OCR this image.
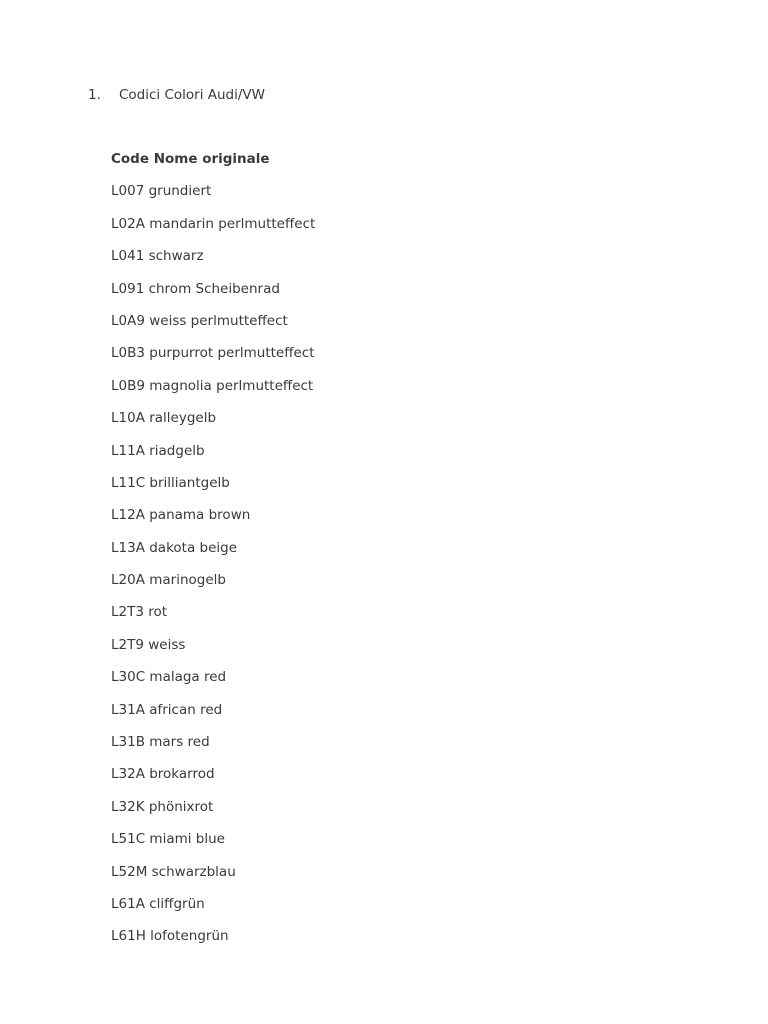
1.	Codici Colori Audi/VW
Code Nome originale
L007 grundiert
L02A mandarin perlmutteffect
L041 schwarz
L091 chrom Scheibenrad
L0A9 weiss perlmutteffect
L0B3 purpurrot perlmutteffect
L0B9 magnolia perlmutteffect
L10A ralleygelb
L11A riadgelb
L11C brilliantgelb
L12A panama brown
L13A dakota beige
L20A marinogelb
L2T3 rot
L2T9 weiss
L30C malaga red
L31A african red
L31B mars red
L32A brokarrod
L32K phönixrot
L51C miami blue
L52M schwarzblau
L61A cliffgrün
L61H lofotengrün
